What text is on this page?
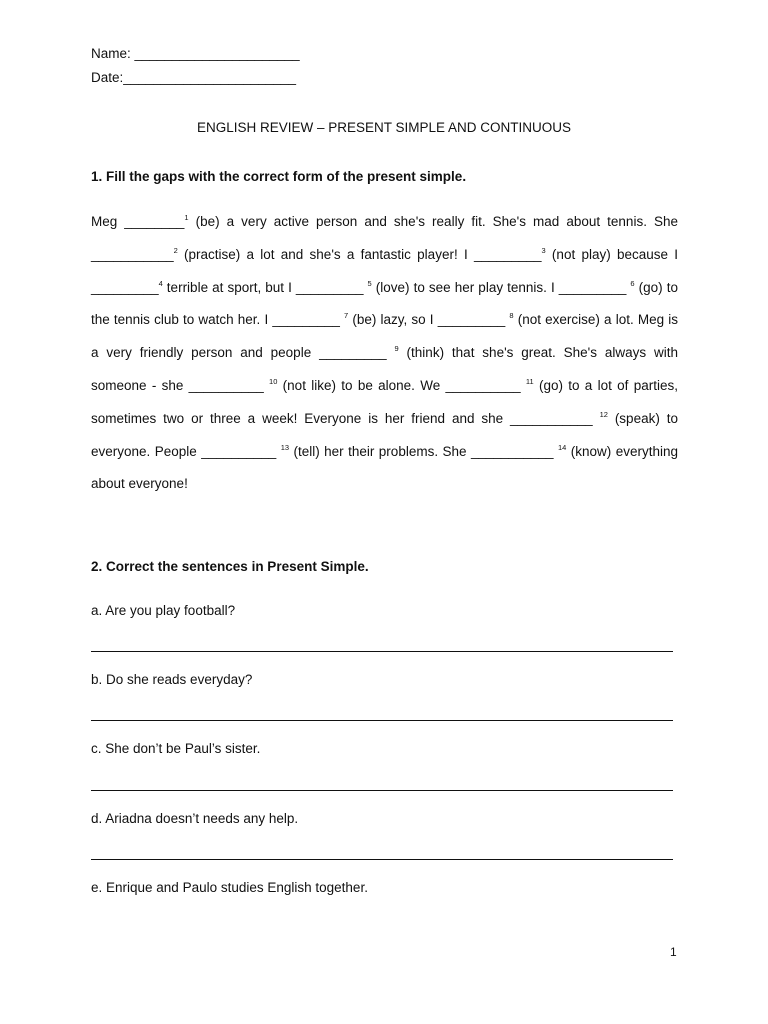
Name: ______________________
Date:_______________________
ENGLISH REVIEW – PRESENT SIMPLE AND CONTINUOUS
1. Fill the gaps with the correct form of the present simple.
Meg ________$^1$ (be) a very active person and she's really fit. She's mad about tennis. She ___________$^2$ (practise) a lot and she's a fantastic player! I _________$^3$ (not play) because I _________$^4$ terrible at sport, but I _________ $^5$ (love) to see her play tennis. I _________ $^6$ (go) to the tennis club to watch her. I _________ $^7$ (be) lazy, so I _________ $^8$ (not exercise) a lot. Meg is a very friendly person and people _________ $^9$ (think) that she's great. She's always with someone - she __________ $^{10}$ (not like) to be alone. We __________ $^{11}$ (go) to a lot of parties, sometimes two or three a week! Everyone is her friend and she ___________ $^{12}$ (speak) to everyone. People __________ $^{13}$ (tell) her their problems. She ___________ $^{14}$ (know) everything about everyone!
2. Correct the sentences in Present Simple.
a. Are you play football?
b. Do she reads everyday?
c. She don’t be Paul’s sister.
d. Ariadna doesn’t needs any help.
e. Enrique and Paulo studies English together.
1
